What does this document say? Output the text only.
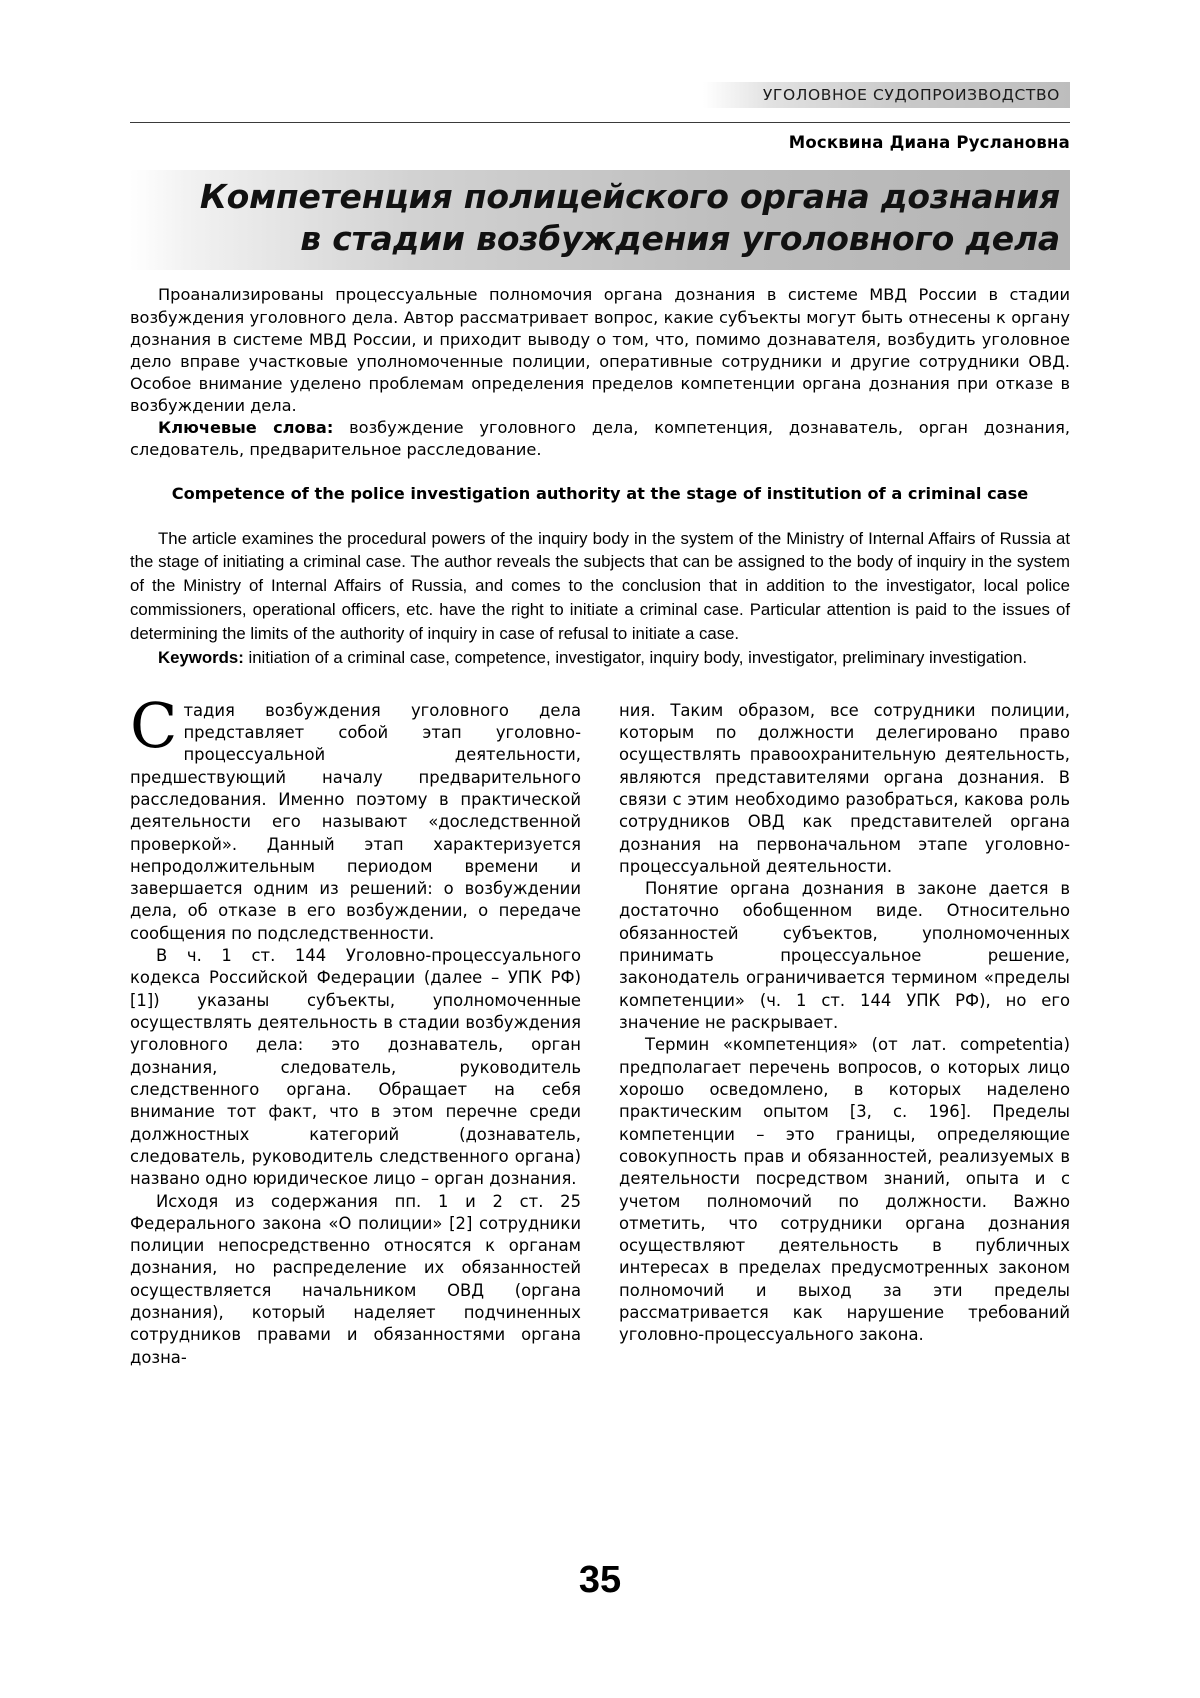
УГОЛОВНОЕ СУДОПРОИЗВОДСТВО
Москвина Диана Руслановна
Компетенция полицейского органа дознания
в стадии возбуждения уголовного дела

Проанализированы процессуальные полномочия органа дознания в системе МВД России в стадии возбуждения уголовного дела. Автор рассматривает вопрос, какие субъекты могут быть отнесены к органу дознания в системе МВД России, и приходит выводу о том, что, помимо дознавателя, возбудить уголовное дело вправе участковые уполномоченные полиции, оперативные сотрудники и другие сотрудники ОВД. Особое внимание уделено проблемам определения пределов компетенции органа дознания при отказе в возбуждении дела.

Ключевые слова: возбуждение уголовного дела, компетенция, дознаватель, орган дознания, следователь, предварительное расследование.

Competence of the police investigation authority at the stage of institution of a criminal case

The article examines the procedural powers of the inquiry body in the system of the Ministry of Internal Affairs of Russia at the stage of initiating a criminal case. The author reveals the subjects that can be assigned to the body of inquiry in the system of the Ministry of Internal Affairs of Russia, and comes to the conclusion that in addition to the investigator, local police commissioners, operational officers, etc. have the right to initiate a criminal case. Particular attention is paid to the issues of determining the limits of the authority of inquiry in case of refusal to initiate a case.

Keywords: initiation of a criminal case, competence, investigator, inquiry body, investigator, preliminary investigation.

Стадия возбуждения уголовного дела представляет собой этап уголовно-процессуальной деятельности, предшествующий началу предварительного расследования. Именно поэтому в практической деятельности его называют «доследственной проверкой». Данный этап характеризуется непродолжительным периодом времени и завершается одним из решений: о возбуждении дела, об отказе в его возбуждении, о передаче сообщения по подследственности.

В ч. 1 ст. 144 Уголовно-процессуального кодекса Российской Федерации (далее – УПК РФ) [1]) указаны субъекты, уполномоченные осуществлять деятельность в стадии возбуждения уголовного дела: это дознаватель, орган дознания, следователь, руководитель следственного органа. Обращает на себя внимание тот факт, что в этом перечне среди должностных категорий (дознаватель, следователь, руководитель следственного органа) названо одно юридическое лицо – орган дознания.

Исходя из содержания пп. 1 и 2 ст. 25 Федерального закона «О полиции» [2] сотрудники полиции непосредственно относятся к органам дознания, но распределение их обязанностей осуществляется начальником ОВД (органа дознания), который наделяет подчиненных сотрудников правами и обязанностями органа дозна-

ния. Таким образом, все сотрудники полиции, которым по должности делегировано право осуществлять правоохранительную деятельность, являются представителями органа дознания. В связи с этим необходимо разобраться, какова роль сотрудников ОВД как представителей органа дознания на первоначальном этапе уголовно-процессуальной деятельности.

Понятие органа дознания в законе дается в достаточно обобщенном виде. Относительно обязанностей субъектов, уполномоченных принимать процессуальное решение, законодатель ограничивается термином «пределы компетенции» (ч. 1 ст. 144 УПК РФ), но его значение не раскрывает.

Термин «компетенция» (от лат. competentia) предполагает перечень вопросов, о которых лицо хорошо осведомлено, в которых наделено практическим опытом [3, с. 196]. Пределы компетенции – это границы, определяющие совокупность прав и обязанностей, реализуемых в деятельности посредством знаний, опыта и с учетом полномочий по должности. Важно отметить, что сотрудники органа дознания осуществляют деятельность в публичных интересах в пределах предусмотренных законом полномочий и выход за эти пределы рассматривается как нарушение требований уголовно-процессуального закона.

35
